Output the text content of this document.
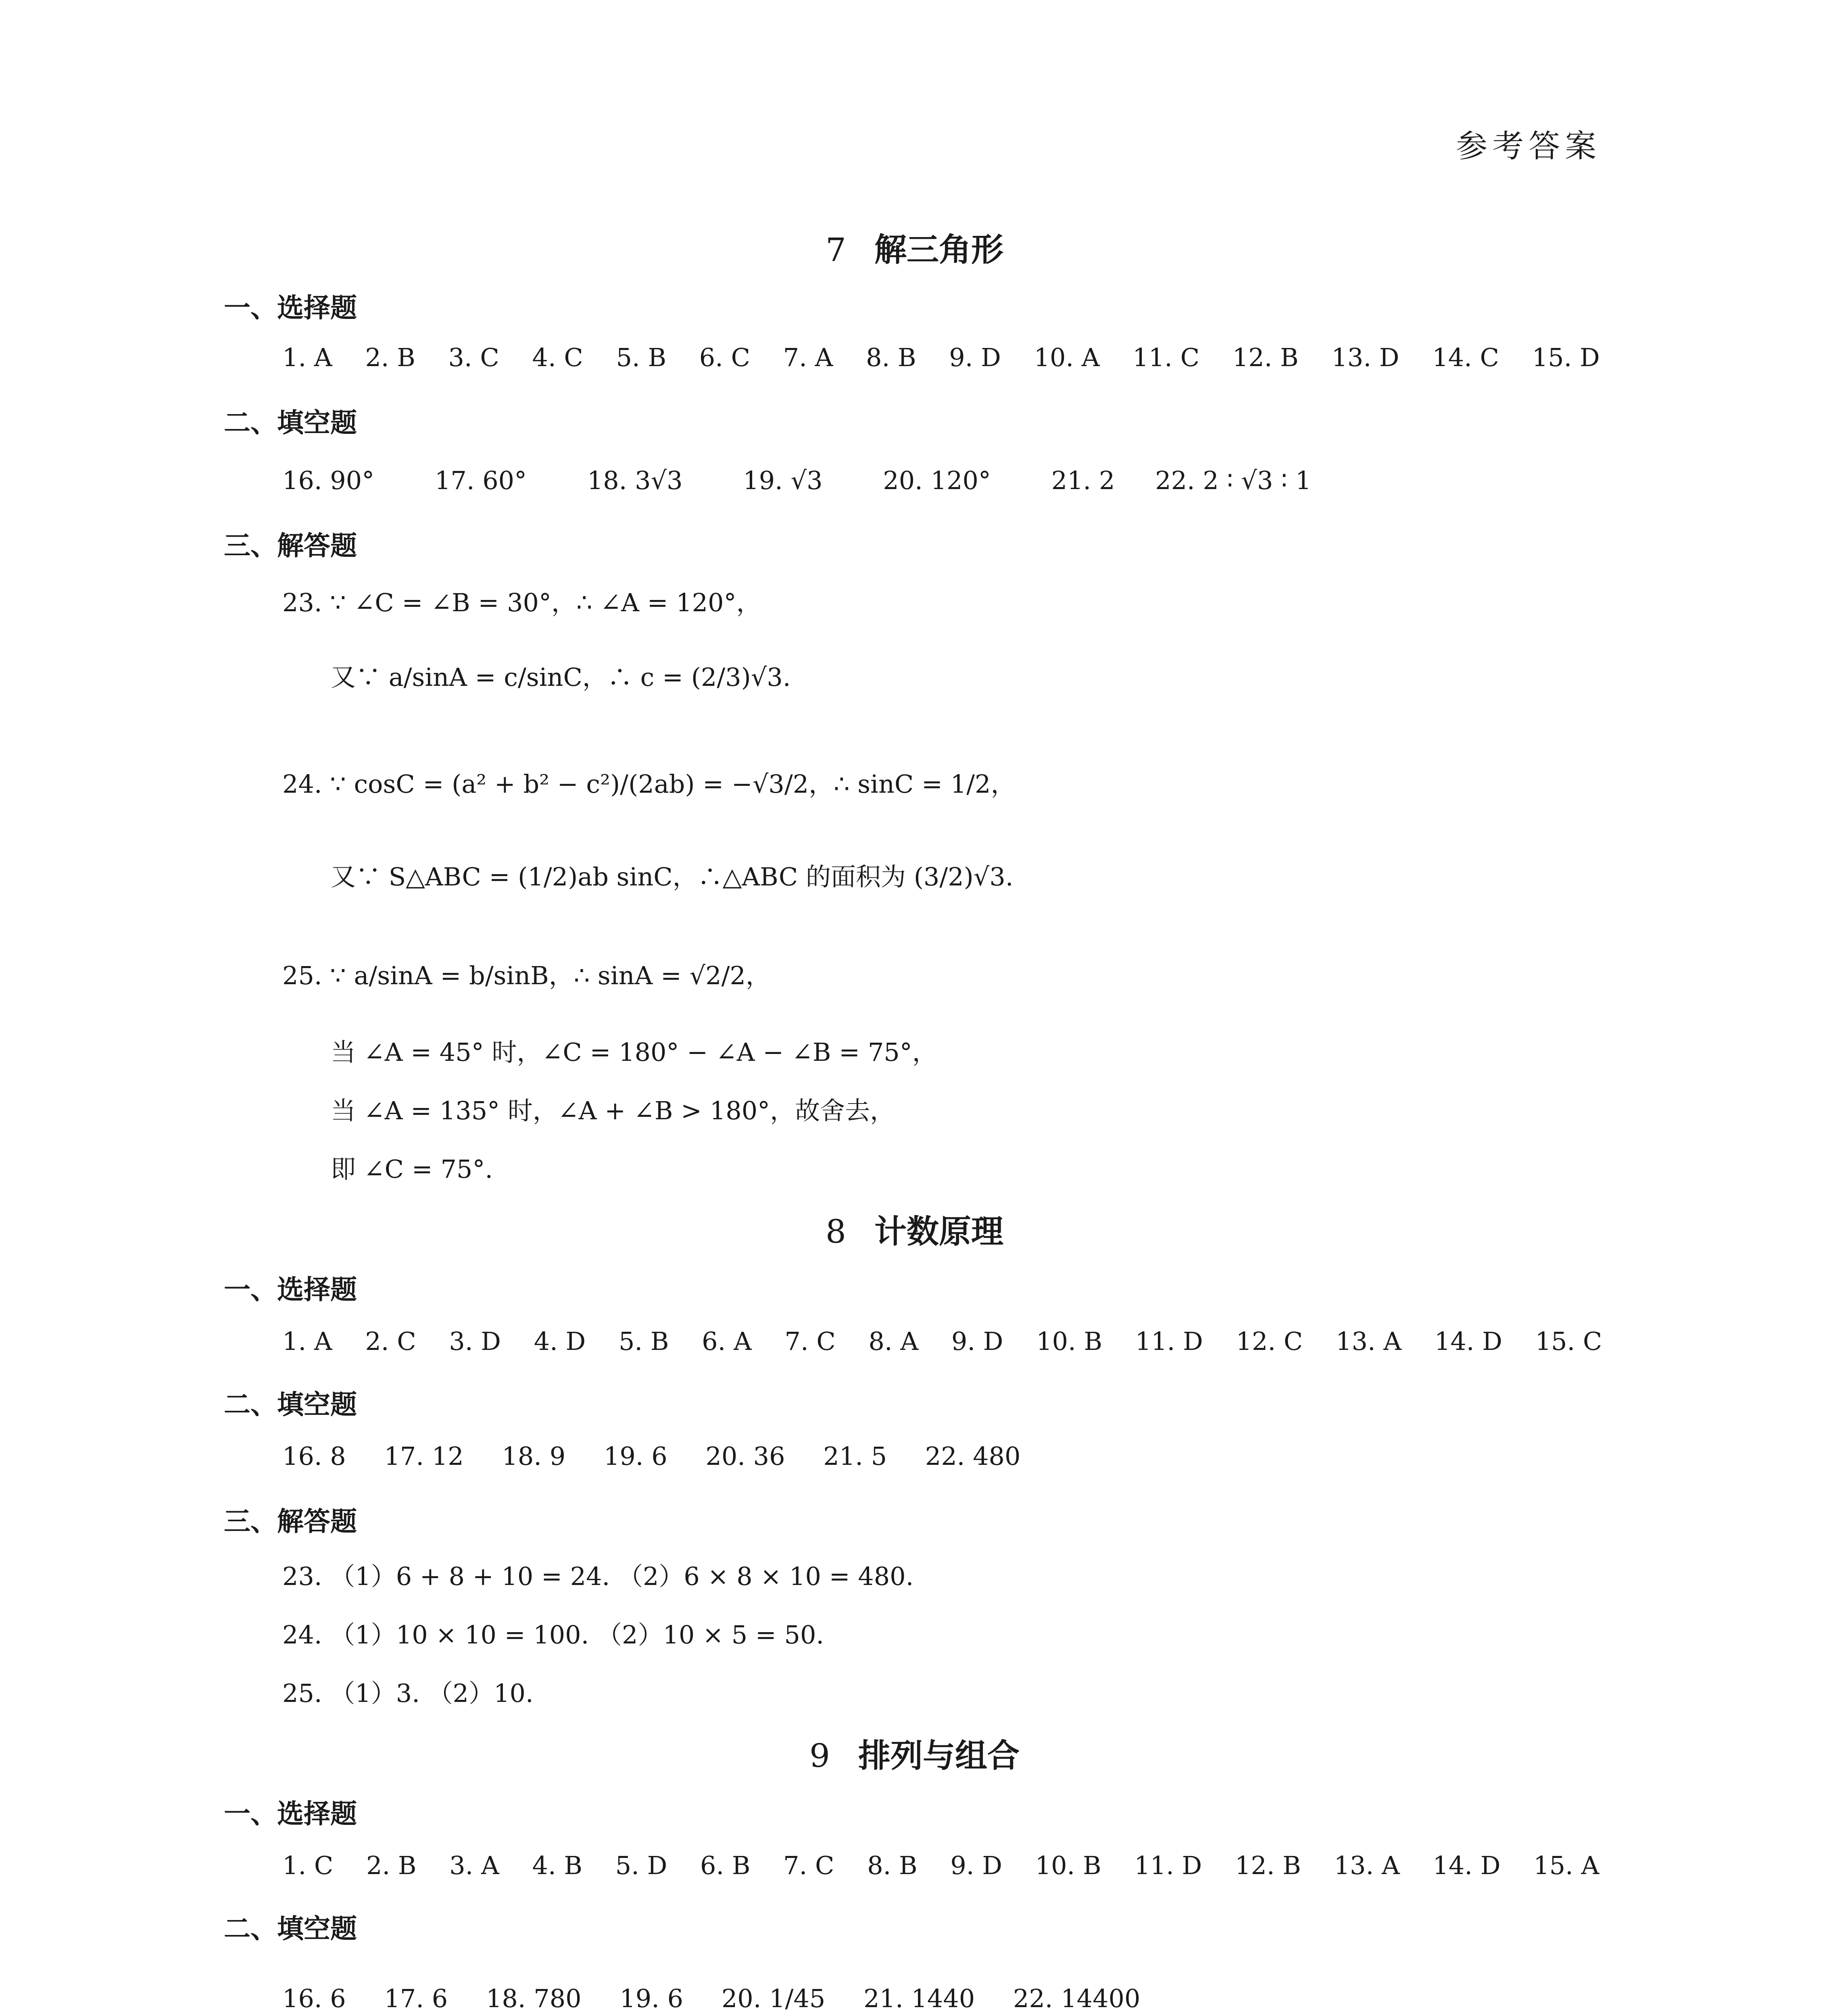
参考答案
7 解三角形
一、选择题
1. A 2. B 3. C 4. C 5. B 6. C 7. A 8. B 9. D 10. A 11. C 12. B 13. D 14. C 15. D
二、填空题
16. 90° 17. 60° 18. 3√3 19. √3 20. 120° 21. 2 22. 2 ∶ √3 ∶ 1
三、解答题
23. ∵ ∠C = ∠B = 30°，∴ ∠A = 120°，
又∵ a/sinA = c/sinC，∴ c = (2/3)√3.
24. ∵ cosC = (a² + b² − c²)/(2ab) = −√3/2，∴ sinC = 1/2，
又∵ S△ABC = (1/2)ab sinC，∴△ABC 的面积为 (3/2)√3.
25. ∵ a/sinA = b/sinB，∴ sinA = √2/2，
当 ∠A = 45° 时，∠C = 180° − ∠A − ∠B = 75°，
当 ∠A = 135° 时，∠A + ∠B > 180°，故舍去，
即 ∠C = 75°.
8 计数原理
一、选择题
1. A 2. C 3. D 4. D 5. B 6. A 7. C 8. A 9. D 10. B 11. D 12. C 13. A 14. D 15. C
二、填空题
16. 8 17. 12 18. 9 19. 6 20. 36 21. 5 22. 480
三、解答题
23. （1）6 + 8 + 10 = 24. （2）6 × 8 × 10 = 480.
24. （1）10 × 10 = 100. （2）10 × 5 = 50.
25. （1）3. （2）10.
9 排列与组合
一、选择题
1. C 2. B 3. A 4. B 5. D 6. B 7. C 8. B 9. D 10. B 11. D 12. B 13. A 14. D 15. A
二、填空题
16. 6 17. 6 18. 780 19. 6 20. 1/45 21. 1440 22. 14400
